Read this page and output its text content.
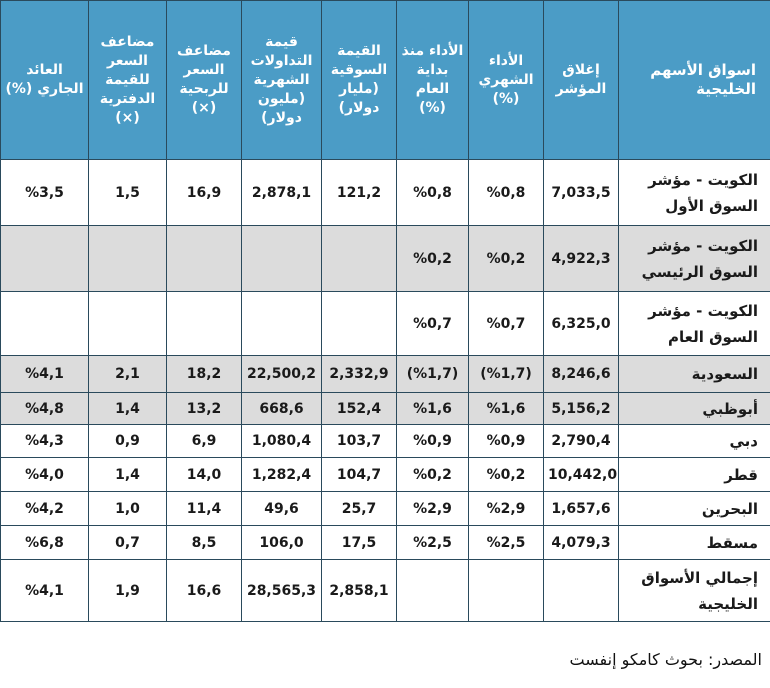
اسواق الأسهم الخليجية	إغلاق المؤشر	الأداء الشهري (%)	الأداء منذ بداية العام (%)	القيمة السوقية (مليار دولار)	قيمة التداولات الشهرية (مليون دولار)	مضاعف السعر للربحية (×)	مضاعف السعر للقيمة الدفترية (×)	العائد الجاري (%)
الكويت - مؤشر السوق الأول	7,033,5	%0,8	%0,8	121,2	2,878,1	16,9	1,5	%3,5
الكويت - مؤشر السوق الرئيسي	4,922,3	%0,2	%0,2					
الكويت - مؤشر السوق العام	6,325,0	%0,7	%0,7					
السعودية	8,246,6	(%1,7)	(%1,7)	2,332,9	22,500,2	18,2	2,1	%4,1
أبوظبي	5,156,2	%1,6	%1,6	152,4	668,6	13,2	1,4	%4,8
دبي	2,790,4	%0,9	%0,9	103,7	1,080,4	6,9	0,9	%4,3
قطر	10,442,0	%0,2	%0,2	104,7	1,282,4	14,0	1,4	%4,0
البحرين	1,657,6	%2,9	%2,9	25,7	49,6	11,4	1,0	%4,2
مسقط	4,079,3	%2,5	%2,5	17,5	106,0	8,5	0,7	%6,8
إجمالي الأسواق الخليجية				2,858,1	28,565,3	16,6	1,9	%4,1
المصدر: بحوث كامكو إنفست
